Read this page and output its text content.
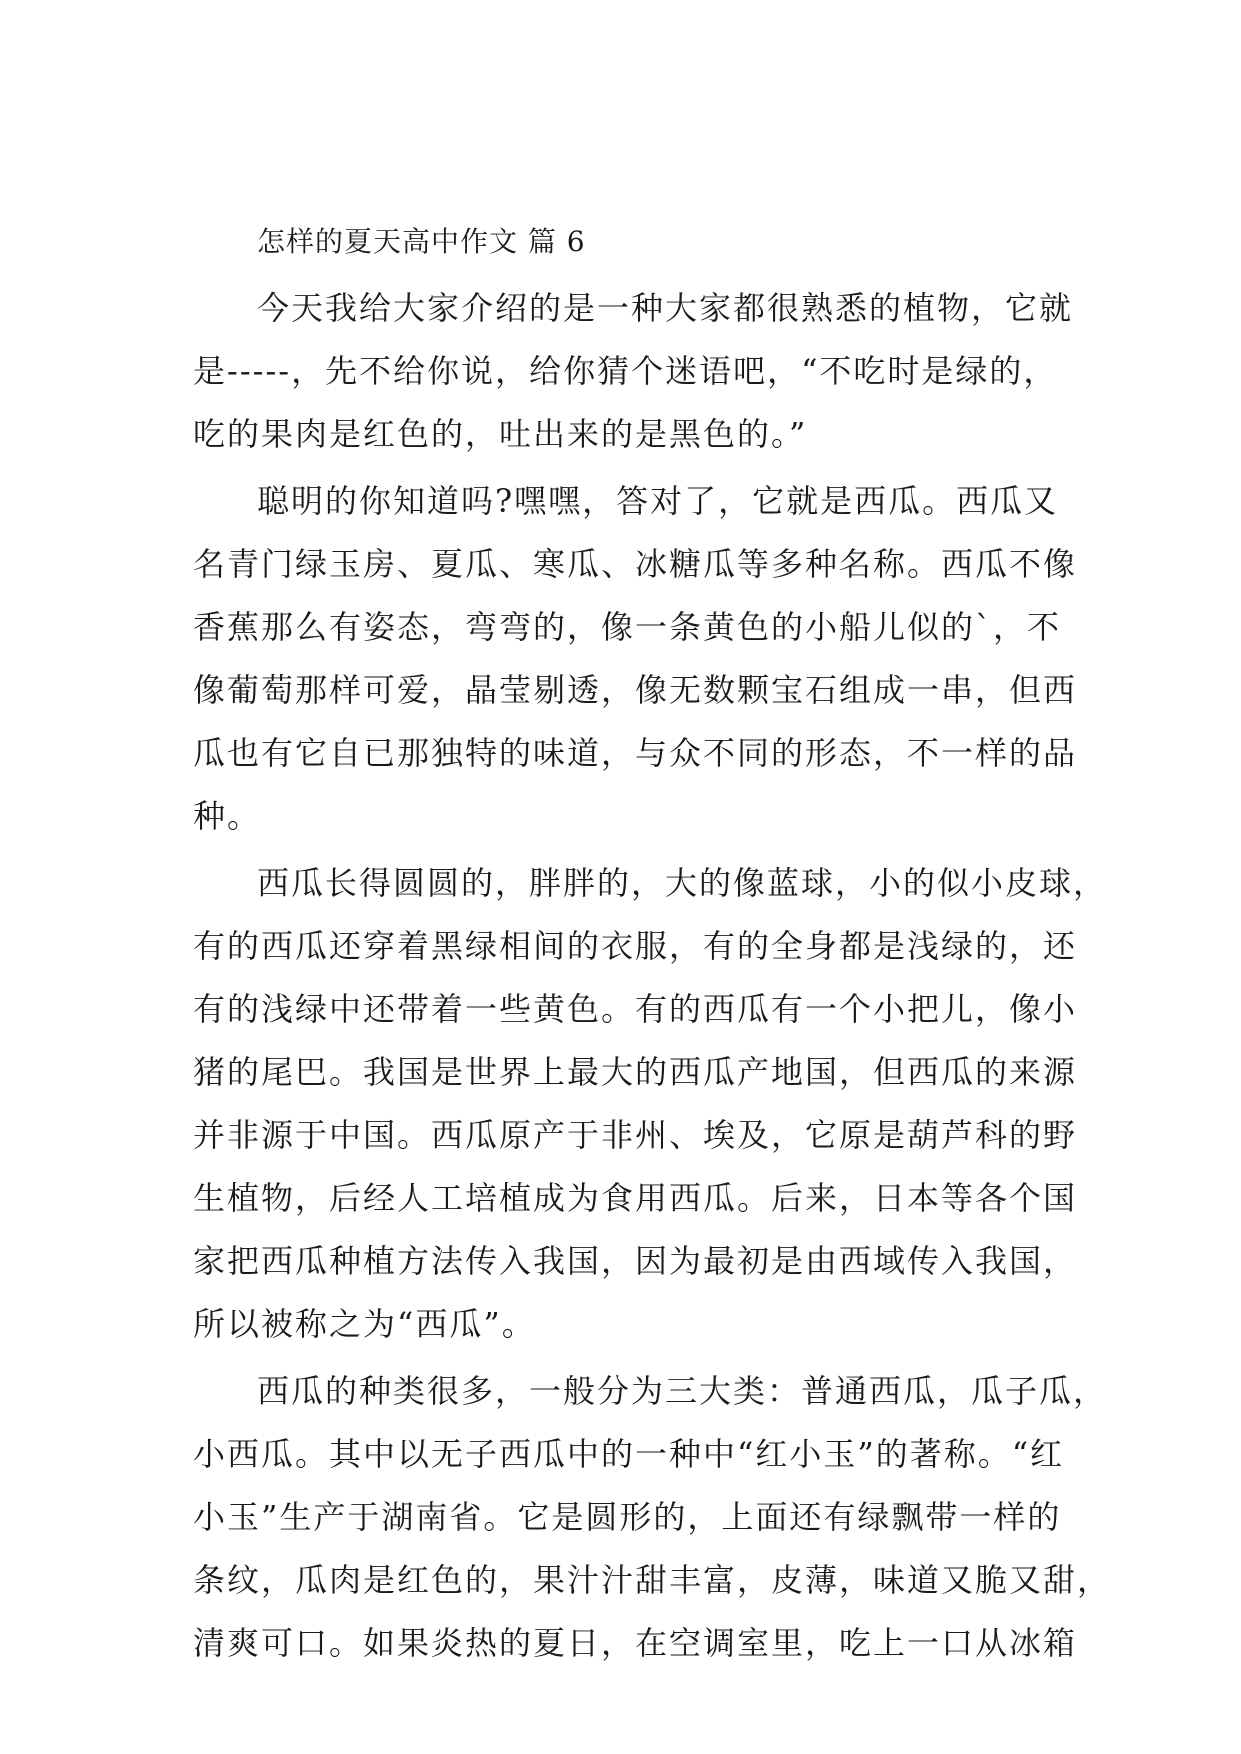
怎样的夏天高中作文 篇 6
今天我给大家介绍的是一种大家都很熟悉的植物，它就
是-----，先不给你说，给你猜个迷语吧，“不吃时是绿的，
吃的果肉是红色的，吐出来的是黑色的。”
聪明的你知道吗?嘿嘿，答对了，它就是西瓜。西瓜又
名青门绿玉房、夏瓜、寒瓜、冰糖瓜等多种名称。西瓜不像
香蕉那么有姿态，弯弯的，像一条黄色的小船儿似的`，不
像葡萄那样可爱，晶莹剔透，像无数颗宝石组成一串，但西
瓜也有它自已那独特的味道，与众不同的形态，不一样的品
种。
西瓜长得圆圆的，胖胖的，大的像蓝球，小的似小皮球，
有的西瓜还穿着黑绿相间的衣服，有的全身都是浅绿的，还
有的浅绿中还带着一些黄色。有的西瓜有一个小把儿，像小
猪的尾巴。我国是世界上最大的西瓜产地国，但西瓜的来源
并非源于中国。西瓜原产于非州、埃及，它原是葫芦科的野
生植物，后经人工培植成为食用西瓜。后来，日本等各个国
家把西瓜种植方法传入我国，因为最初是由西域传入我国，
所以被称之为“西瓜”。
西瓜的种类很多，一般分为三大类：普通西瓜，瓜子瓜，
小西瓜。其中以无子西瓜中的一种中“红小玉”的著称。“红
小玉”生产于湖南省。它是圆形的，上面还有绿飘带一样的
条纹，瓜肉是红色的，果汁汁甜丰富，皮薄，味道又脆又甜，
清爽可口。如果炎热的夏日，在空调室里，吃上一口从冰箱
